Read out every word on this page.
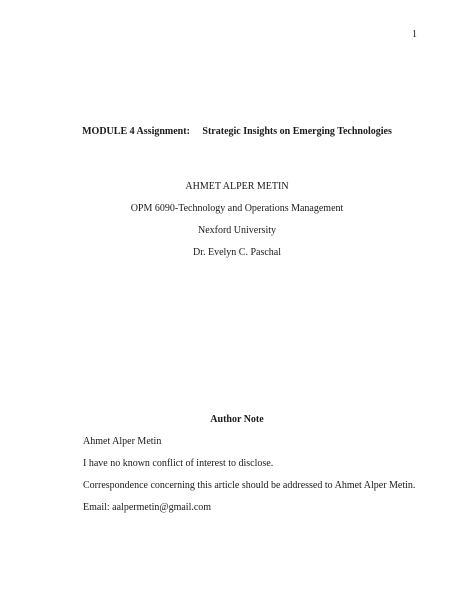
1
MODULE 4 Assignment: Strategic Insights on Emerging Technologies
AHMET ALPER METIN
OPM 6090-Technology and Operations Management
Nexford University
Dr. Evelyn C. Paschal
Author Note
Ahmet Alper Metin
I have no known conflict of interest to disclose.
Correspondence concerning this article should be addressed to Ahmet Alper Metin.
Email: aalpermetin@gmail.com
